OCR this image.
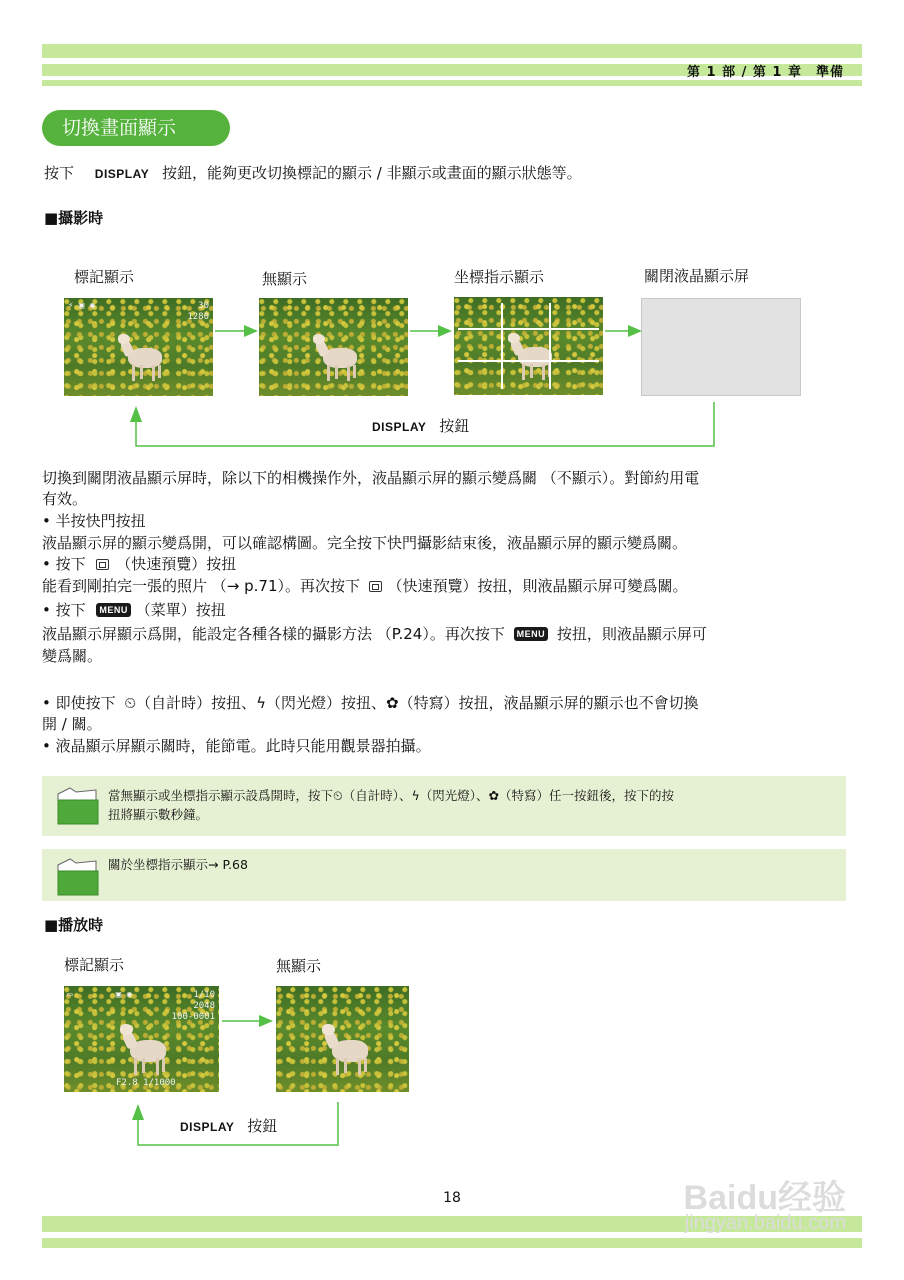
第 1 部 / 第 1 章　準備
切換畫面顯示
按下 DISPLAY 按鈕，能夠更改切換標記的顯示 / 非顯示或畫面的顯示狀態等。
■攝影時
標記顯示	無顯示	坐標指示顯示	關閉液晶顯示屏
⚡ ▣ ◉	30
1280
DISPLAY 按鈕
切換到關閉液晶顯示屏時，除以下的相機操作外，液晶顯示屏的顯示變爲關 （不顯示）。對節約用電
有效。
• 半按快門按扭
液晶顯示屏的顯示變爲開，可以確認構圖。完全按下快門攝影結束後，液晶顯示屏的顯示變爲關。
• 按下 （快速預覽）按扭
能看到剛拍完一張的照片 （→ p.71）。再次按下 （快速預覽）按扭，則液晶顯示屏可變爲關。
• 按下 MENU （菜單）按扭
液晶顯示屏顯示爲開，能設定各種各樣的攝影方法 （P.24）。再次按下 MENU 按扭，則液晶顯示屏可
變爲關。
• 即使按下 ⏲（自計時）按扭、ϟ（閃光燈）按扭、✿（特寫）按扭，液晶顯示屏的顯示也不會切換
開 / 關。
• 液晶顯示屏顯示關時，能節電。此時只能用觀景器拍攝。
當無顯示或坐標指示顯示設爲開時，按下⏲（自計時）、ϟ（閃光燈）、✿（特寫）任一按鈕後，按下的按
扭將顯示數秒鐘。
關於坐標指示顯示→ P.68
■播放時
標記顯示	無顯示
▭        ▣ ◉	1/10
2048
100-0001
F2.8 1/1000
DISPLAY 按鈕
18	Baidu经验
jingyan.baidu.com
